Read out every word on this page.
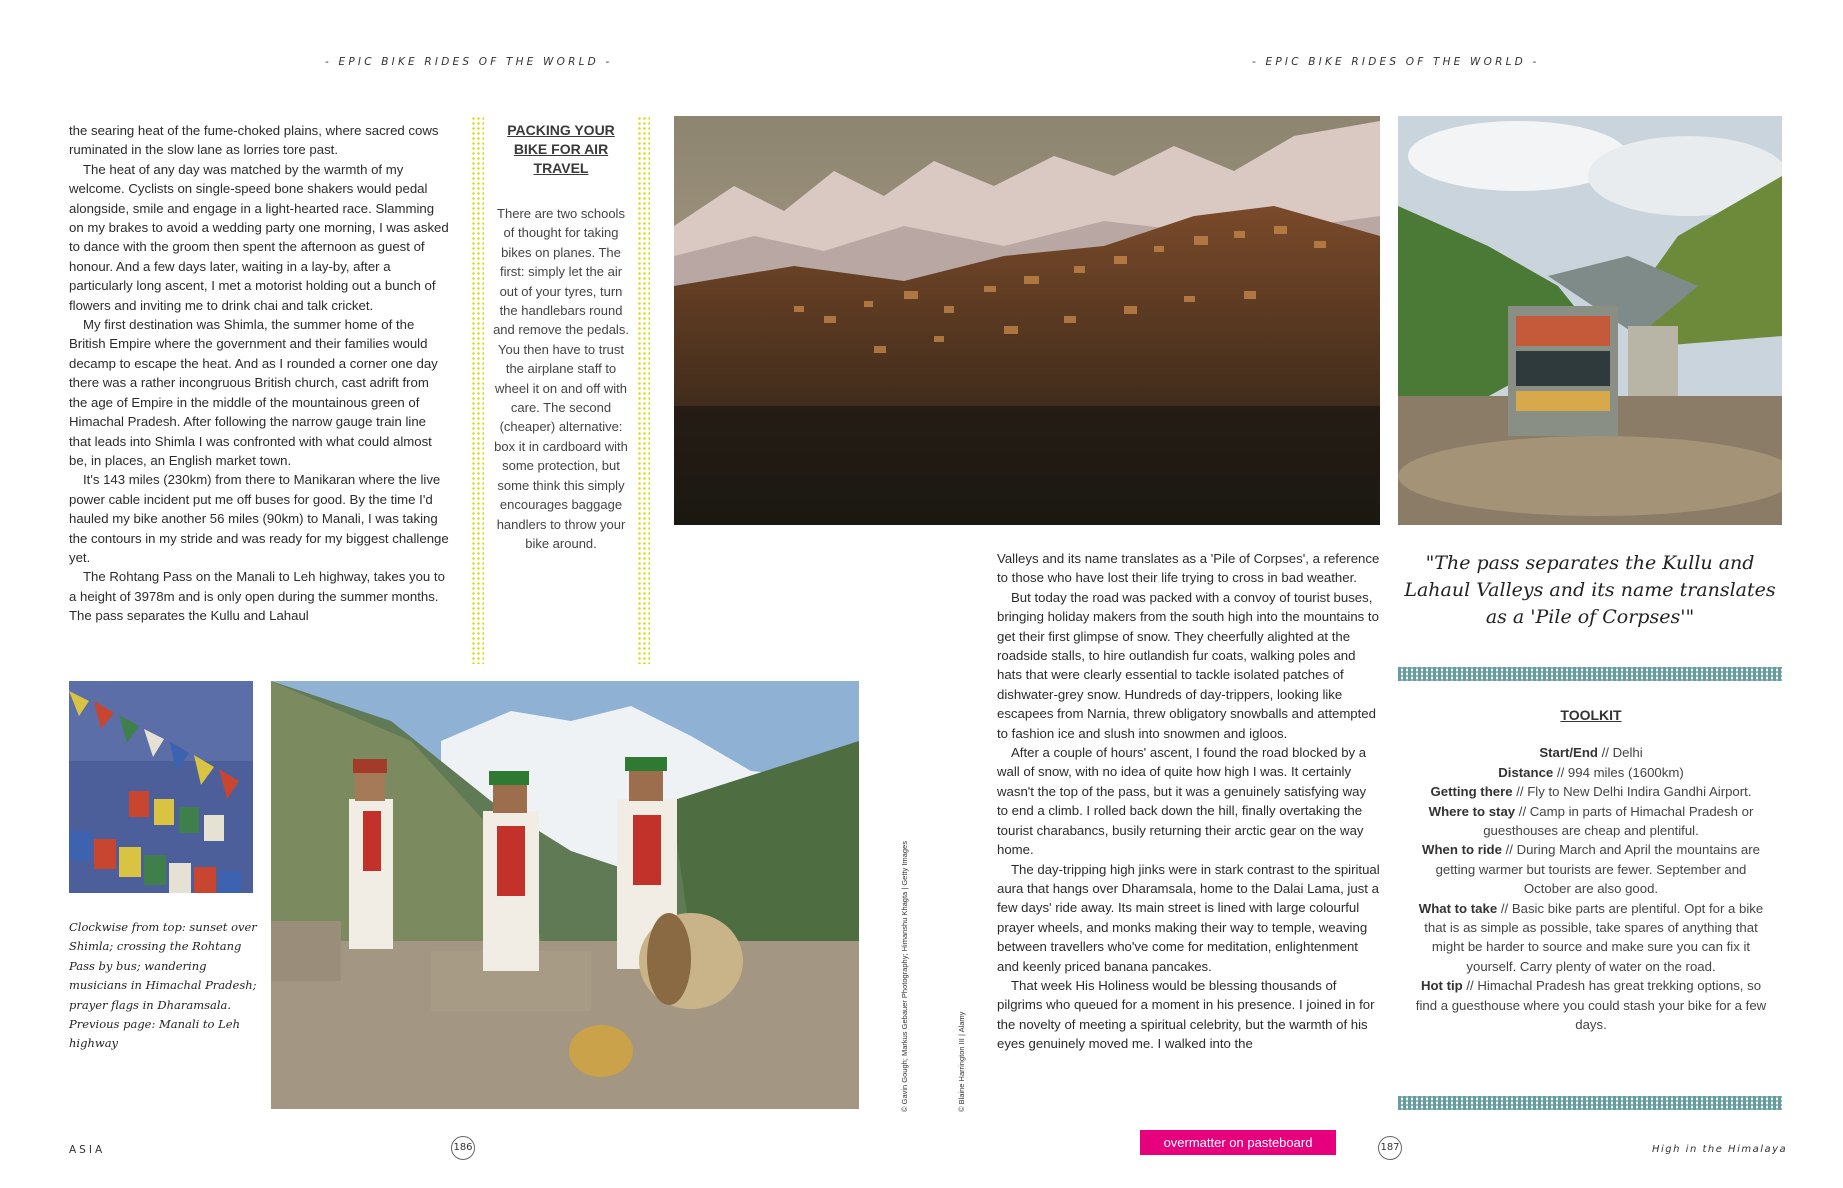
- EPIC BIKE RIDES OF THE WORLD -	- EPIC BIKE RIDES OF THE WORLD -

the searing heat of the fume-choked plains, where sacred cows ruminated in the slow lane as lorries tore past.

The heat of any day was matched by the warmth of my welcome. Cyclists on single-speed bone shakers would pedal alongside, smile and engage in a light-hearted race. Slamming on my brakes to avoid a wedding party one morning, I was asked to dance with the groom then spent the afternoon as guest of honour. And a few days later, waiting in a lay-by, after a particularly long ascent, I met a motorist holding out a bunch of flowers and inviting me to drink chai and talk cricket.

My first destination was Shimla, the summer home of the British Empire where the government and their families would decamp to escape the heat. And as I rounded a corner one day there was a rather incongruous British church, cast adrift from the age of Empire in the middle of the mountainous green of Himachal Pradesh. After following the narrow gauge train line that leads into Shimla I was confronted with what could almost be, in places, an English market town.

It's 143 miles (230km) from there to Manikaran where the live power cable incident put me off buses for good. By the time I'd hauled my bike another 56 miles (90km) to Manali, I was taking the contours in my stride and was ready for my biggest challenge yet.

The Rohtang Pass on the Manali to Leh highway, takes you to a height of 3978m and is only open during the summer months. The pass separates the Kullu and Lahaul

PACKING YOUR BIKE FOR AIR TRAVEL

There are two schools of thought for taking bikes on planes. The first: simply let the air out of your tyres, turn the handlebars round and remove the pedals. You then have to trust the airplane staff to wheel it on and off with care. The second (cheaper) alternative: box it in cardboard with some protection, but some think this simply encourages baggage handlers to throw your bike around.

Clockwise from top: sunset over Shimla; crossing the Rohtang Pass by bus; wandering musicians in Himachal Pradesh; prayer flags in Dharamsala.

Previous page: Manali to Leh highway	© Gavin Gough; Markus Gebauer Photography; Himanshu Khagta | Getty Images	© Blaine Harrington III | Alamy

Valleys and its name translates as a 'Pile of Corpses', a reference to those who have lost their life trying to cross in bad weather.

But today the road was packed with a convoy of tourist buses, bringing holiday makers from the south high into the mountains to get their first glimpse of snow. They cheerfully alighted at the roadside stalls, to hire outlandish fur coats, walking poles and hats that were clearly essential to tackle isolated patches of dishwater-grey snow. Hundreds of day-trippers, looking like escapees from Narnia, threw obligatory snowballs and attempted to fashion ice and slush into snowmen and igloos.

After a couple of hours' ascent, I found the road blocked by a wall of snow, with no idea of quite how high I was. It certainly wasn't the top of the pass, but it was a genuinely satisfying way to end a climb. I rolled back down the hill, finally overtaking the tourist charabancs, busily returning their arctic gear on the way home.

The day-tripping high jinks were in stark contrast to the spiritual aura that hangs over Dharamsala, home to the Dalai Lama, just a few days' ride away. Its main street is lined with large colourful prayer wheels, and monks making their way to temple, weaving between travellers who've come for meditation, enlightenment and keenly priced banana pancakes.

That week His Holiness would be blessing thousands of pilgrims who queued for a moment in his presence. I joined in for the novelty of meeting a spiritual celebrity, but the warmth of his eyes genuinely moved me. I walked into the

"The pass separates the Kullu and Lahaul Valleys and its name translates as a 'Pile of Corpses'"
TOOLKIT
Start/End // Delhi
Distance // 994 miles (1600km)
Getting there // Fly to New Delhi Indira Gandhi Airport.
Where to stay // Camp in parts of Himachal Pradesh or guesthouses are cheap and plentiful.
When to ride // During March and April the mountains are getting warmer but tourists are fewer. September and October are also good.
What to take // Basic bike parts are plentiful. Opt for a bike that is as simple as possible, take spares of anything that might be harder to source and make sure you can fix it yourself. Carry plenty of water on the road.
Hot tip // Himachal Pradesh has great trekking options, so find a guesthouse where you could stash your bike for a few days.
ASIA	186	overmatter on pasteboard	187	High in the Himalaya
